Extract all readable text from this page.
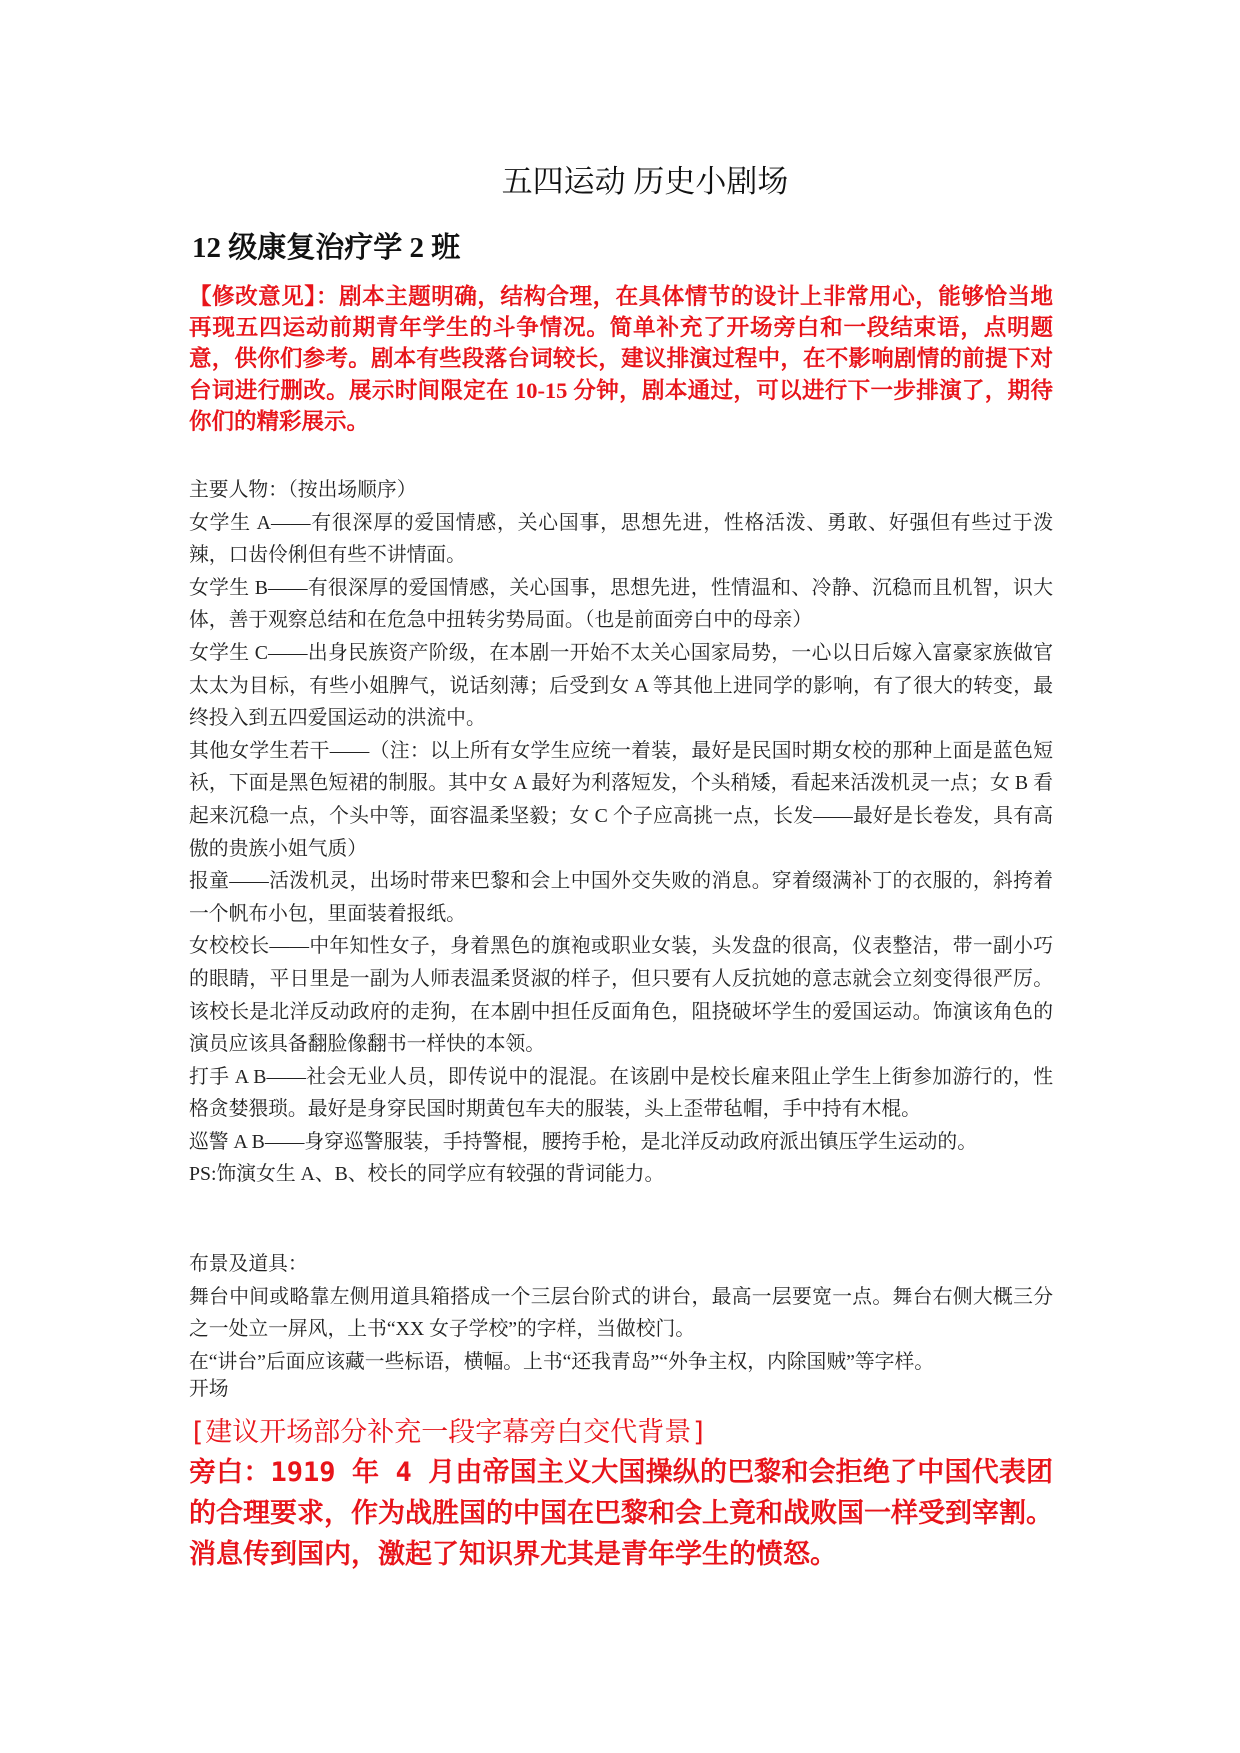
五四运动 历史小剧场
12 级康复治疗学 2 班
【修改意见】：剧本主题明确，结构合理，在具体情节的设计上非常用心，能够恰当地再现五四运动前期青年学生的斗争情况。简单补充了开场旁白和一段结束语，点明题意，供你们参考。剧本有些段落台词较长，建议排演过程中，在不影响剧情的前提下对台词进行删改。展示时间限定在 10-15 分钟，剧本通过，可以进行下一步排演了，期待你们的精彩展示。

主要人物：（按出场顺序）

女学生 A——有很深厚的爱国情感，关心国事，思想先进，性格活泼、勇敢、好强但有些过于泼辣，口齿伶俐但有些不讲情面。

女学生 B——有很深厚的爱国情感，关心国事，思想先进，性情温和、冷静、沉稳而且机智，识大体，善于观察总结和在危急中扭转劣势局面。（也是前面旁白中的母亲）

女学生 C——出身民族资产阶级，在本剧一开始不太关心国家局势，一心以日后嫁入富豪家族做官太太为目标，有些小姐脾气，说话刻薄；后受到女 A 等其他上进同学的影响，有了很大的转变，最终投入到五四爱国运动的洪流中。

其他女学生若干——（注：以上所有女学生应统一着装，最好是民国时期女校的那种上面是蓝色短袄，下面是黑色短裙的制服。其中女 A 最好为利落短发，个头稍矮，看起来活泼机灵一点；女 B 看起来沉稳一点，个头中等，面容温柔坚毅；女 C 个子应高挑一点，长发——最好是长卷发，具有高傲的贵族小姐气质）

报童——活泼机灵，出场时带来巴黎和会上中国外交失败的消息。穿着缀满补丁的衣服的，斜挎着一个帆布小包，里面装着报纸。

女校校长——中年知性女子，身着黑色的旗袍或职业女装，头发盘的很高，仪表整洁，带一副小巧的眼睛，平日里是一副为人师表温柔贤淑的样子，但只要有人反抗她的意志就会立刻变得很严厉。该校长是北洋反动政府的走狗，在本剧中担任反面角色，阻挠破坏学生的爱国运动。饰演该角色的演员应该具备翻脸像翻书一样快的本领。

打手 A B——社会无业人员，即传说中的混混。在该剧中是校长雇来阻止学生上街参加游行的，性格贪婪猥琐。最好是身穿民国时期黄包车夫的服装，头上歪带毡帽，手中持有木棍。

巡警 A B——身穿巡警服装，手持警棍，腰挎手枪，是北洋反动政府派出镇压学生运动的。

PS:饰演女生 A、B、校长的同学应有较强的背词能力。

布景及道具：

舞台中间或略靠左侧用道具箱搭成一个三层台阶式的讲台，最高一层要宽一点。舞台右侧大概三分之一处立一屏风，上书“XX 女子学校”的字样，当做校门。

在“讲台”后面应该藏一些标语，横幅。上书“还我青岛”“外争主权，内除国贼”等字样。

开场

[建议开场部分补充一段字幕旁白交代背景]
旁白：1919 年 4 月由帝国主义大国操纵的巴黎和会拒绝了中国代表团的合理要求，作为战胜国的中国在巴黎和会上竟和战败国一样受到宰割。消息传到国内，激起了知识界尤其是青年学生的愤怒。
